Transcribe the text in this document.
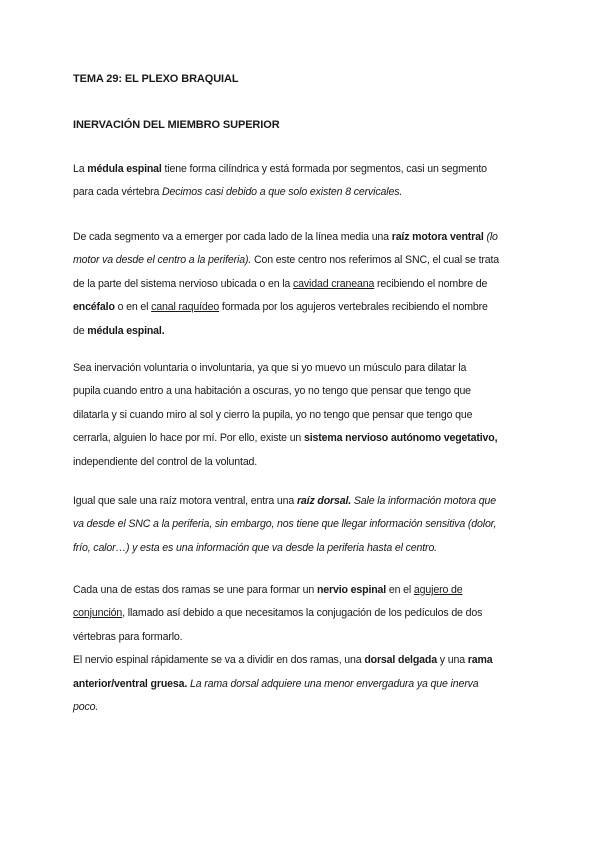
TEMA 29: EL PLEXO BRAQUIAL
INERVACIÓN DEL MIEMBRO SUPERIOR
La médula espinal tiene forma cilíndrica y está formada por segmentos, casi un segmento
para cada vértebra Decimos casi debido a que solo existen 8 cervicales.
De cada segmento va a emerger por cada lado de la línea media una raíz motora ventral (lo
motor va desde el centro a la periferia). Con este centro nos referimos al SNC, el cual se trata
de la parte del sistema nervioso ubicada o en la cavidad craneana recibiendo el nombre de
encéfalo o en el canal raquídeo formada por los agujeros vertebrales recibiendo el nombre
de médula espinal.
Sea inervación voluntaria o involuntaria, ya que si yo muevo un músculo para dilatar la
pupila cuando entro a una habitación a oscuras, yo no tengo que pensar que tengo que
dilatarla y si cuando miro al sol y cierro la pupila, yo no tengo que pensar que tengo que
cerrarla, alguien lo hace por mí. Por ello, existe un sistema nervioso autónomo vegetativo,
independiente del control de la voluntad.
Igual que sale una raíz motora ventral, entra una raíz dorsal. Sale la información motora que
va desde el SNC a la periferia, sin embargo, nos tiene que llegar información sensitiva (dolor,
frío, calor…) y esta es una información que va desde la periferia hasta el centro.
Cada una de estas dos ramas se une para formar un nervio espinal en el agujero de
conjunción, llamado así debido a que necesitamos la conjugación de los pedículos de dos
vértebras para formarlo.
El nervio espinal rápidamente se va a dividir en dos ramas, una dorsal delgada y una rama
anterior/ventral gruesa. La rama dorsal adquiere una menor envergadura ya que inerva
poco.
